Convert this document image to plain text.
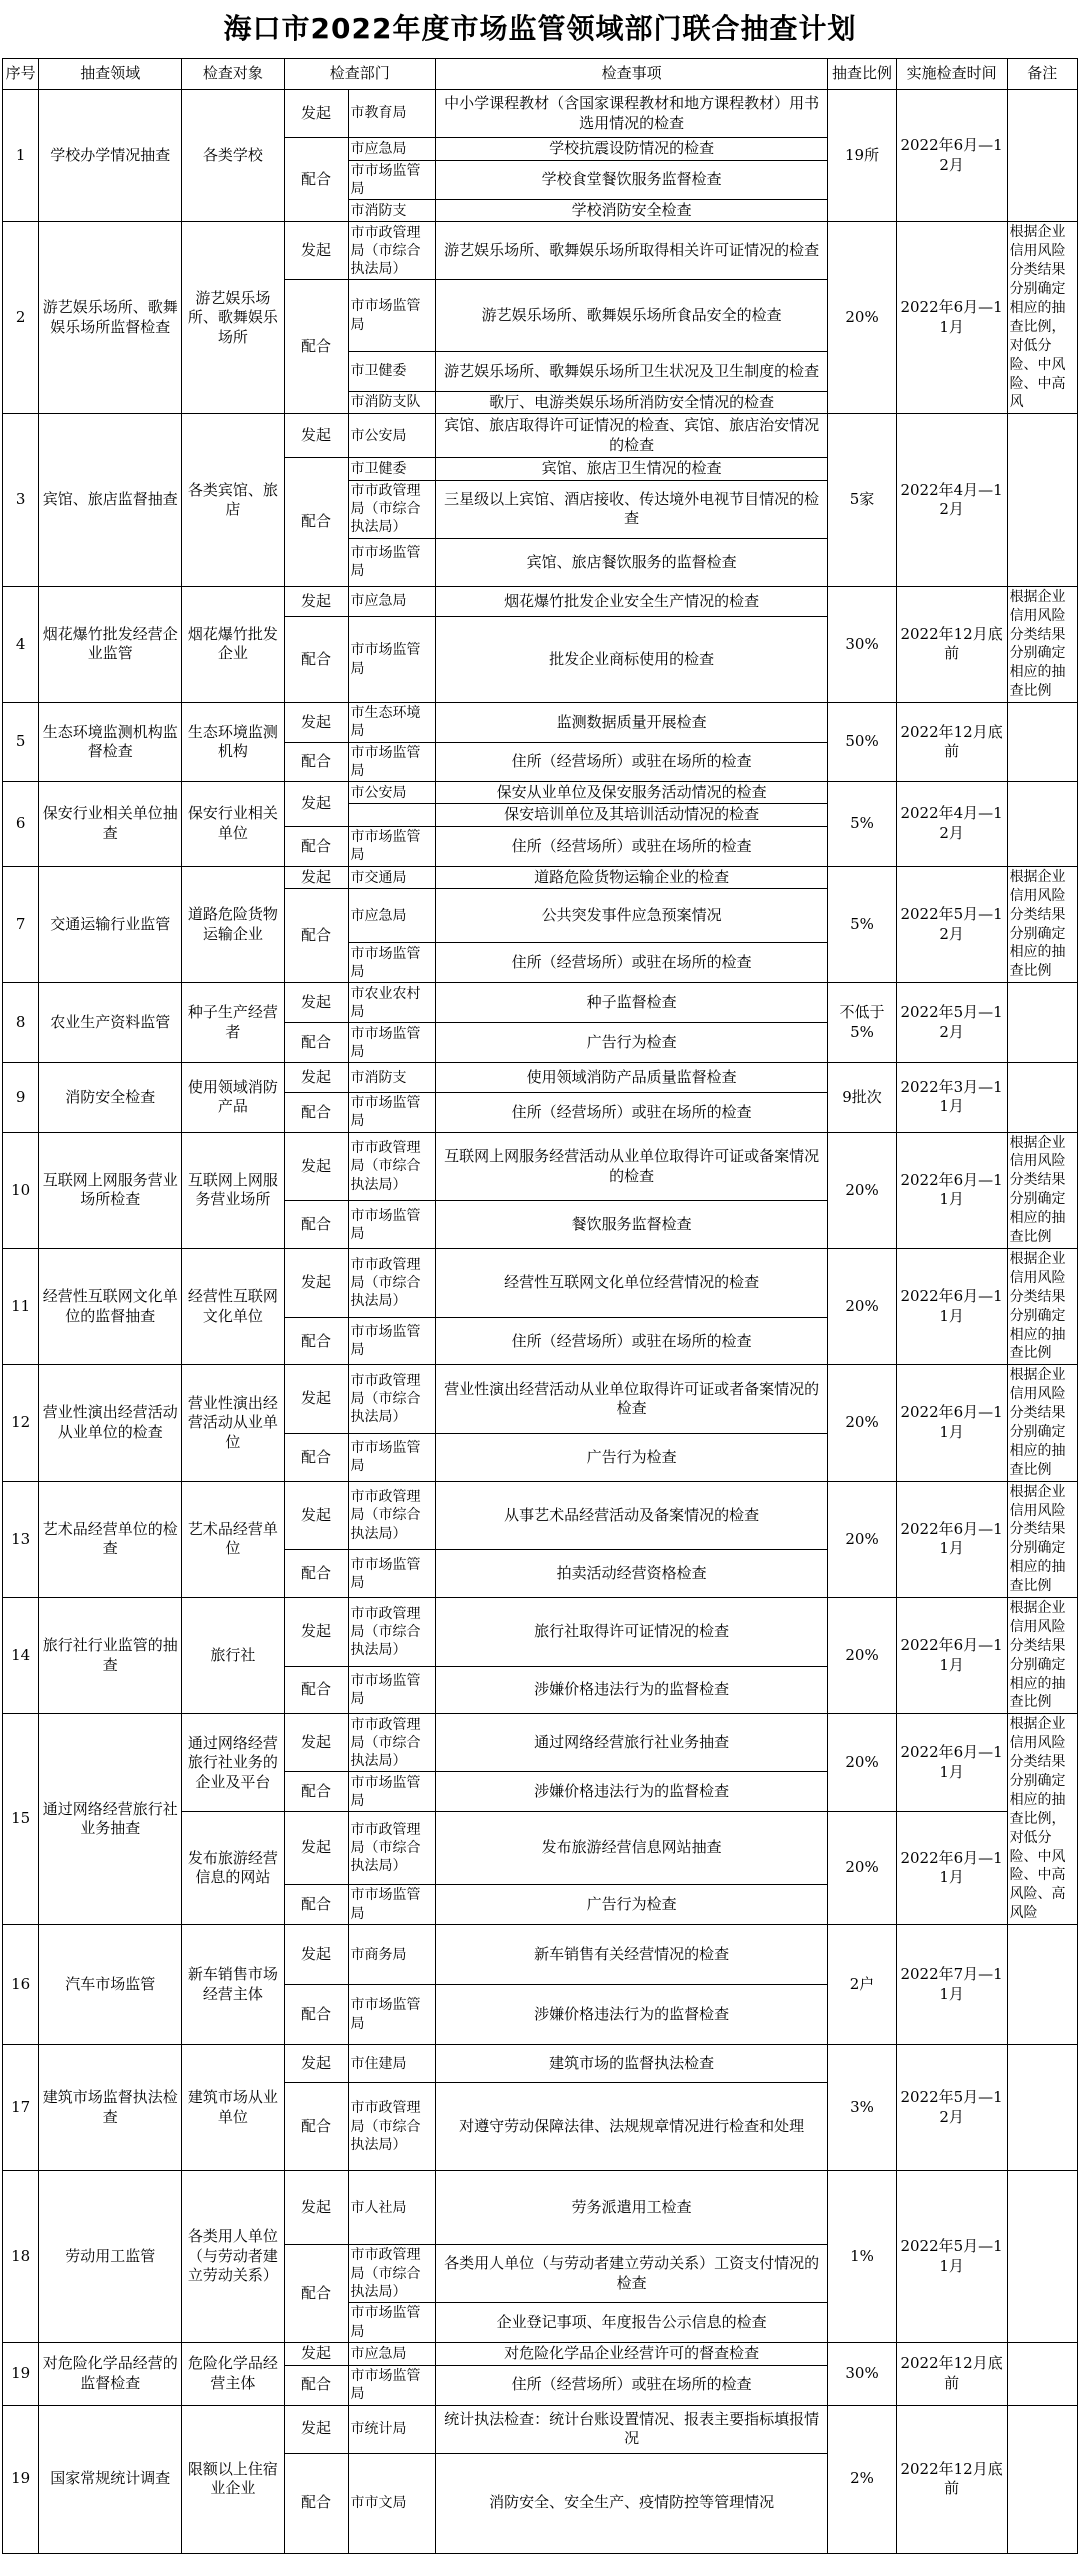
海口市2022年度市场监管领域部门联合抽查计划
序号	抽查领域	检查对象	检查部门		检查事项	抽查比例	实施检查时间	备注
1	学校办学情况抽查	各类学校	发起	市教育局	中小学课程教材（含国家课程教材和地方课程教材）用书选用情况的检查	19所	2022年6月—12月	
			配合	市应急局	学校抗震设防情况的检查			
				市市场监管局	学校食堂餐饮服务监督检查			
				市消防支	学校消防安全检查			
2	游艺娱乐场所、歌舞娱乐场所监督检查	游艺娱乐场所、歌舞娱乐场所	发起	市市政管理局（市综合执法局）	游艺娱乐场所、歌舞娱乐场所取得相关许可证情况的检查	20%	2022年6月—11月	根据企业信用风险分类结果分别确定相应的抽查比例，对低分险、中风险、中高风
			配合	市市场监管局	游艺娱乐场所、歌舞娱乐场所食品安全的检查			
				市卫健委	游艺娱乐场所、歌舞娱乐场所卫生状况及卫生制度的检查			
				市消防支队	歌厅、电游类娱乐场所消防安全情况的检查			
3	宾馆、旅店监督抽查	各类宾馆、旅店	发起	市公安局	宾馆、旅店取得许可证情况的检查、宾馆、旅店治安情况的检查	5家	2022年4月—12月	
			配合	市卫健委	宾馆、旅店卫生情况的检查			
				市市政管理局（市综合执法局）	三星级以上宾馆、酒店接收、传达境外电视节目情况的检查			
				市市场监管局	宾馆、旅店餐饮服务的监督检查			
4	烟花爆竹批发经营企业监管	烟花爆竹批发企业	发起	市应急局	烟花爆竹批发企业安全生产情况的检查	30%	2022年12月底前	根据企业信用风险分类结果分别确定相应的抽查比例
			配合	市市场监管局	批发企业商标使用的检查			
5	生态环境监测机构监督检查	生态环境监测机构	发起	市生态环境局	监测数据质量开展检查	50%	2022年12月底前	
			配合	市市场监管局	住所（经营场所）或驻在场所的检查			
6	保安行业相关单位抽查	保安行业相关单位	发起	市公安局	保安从业单位及保安服务活动情况的检查	5%	2022年4月—12月	
					保安培训单位及其培训活动情况的检查			
			配合	市市场监管局	住所（经营场所）或驻在场所的检查			
7	交通运输行业监管	道路危险货物运输企业	发起	市交通局	道路危险货物运输企业的检查	5%	2022年5月—12月	根据企业信用风险分类结果分别确定相应的抽查比例
			配合	市应急局	公共突发事件应急预案情况			
				市市场监管局	住所（经营场所）或驻在场所的检查			
8	农业生产资料监管	种子生产经营者	发起	市农业农村局	种子监督检查	不低于5%	2022年5月—12月	
			配合	市市场监管局	广告行为检查			
9	消防安全检查	使用领域消防产品	发起	市消防支	使用领域消防产品质量监督检查	9批次	2022年3月—11月	
			配合	市市场监管局	住所（经营场所）或驻在场所的检查			
10	互联网上网服务营业场所检查	互联网上网服务营业场所	发起	市市政管理局（市综合执法局）	互联网上网服务经营活动从业单位取得许可证或备案情况的检查	20%	2022年6月—11月	根据企业信用风险分类结果分别确定相应的抽查比例
			配合	市市场监管局	餐饮服务监督检查			
11	经营性互联网文化单位的监督抽查	经营性互联网文化单位	发起	市市政管理局（市综合执法局）	经营性互联网文化单位经营情况的检查	20%	2022年6月—11月	根据企业信用风险分类结果分别确定相应的抽查比例
			配合	市市场监管局	住所（经营场所）或驻在场所的检查			
12	营业性演出经营活动从业单位的检查	营业性演出经营活动从业单位	发起	市市政管理局（市综合执法局）	营业性演出经营活动从业单位取得许可证或者备案情况的检查	20%	2022年6月—11月	根据企业信用风险分类结果分别确定相应的抽查比例
			配合	市市场监管局	广告行为检查			
13	艺术品经营单位的检查	艺术品经营单位	发起	市市政管理局（市综合执法局）	从事艺术品经营活动及备案情况的检查	20%	2022年6月—11月	根据企业信用风险分类结果分别确定相应的抽查比例
			配合	市市场监管局	拍卖活动经营资格检查			
14	旅行社行业监管的抽查	旅行社	发起	市市政管理局（市综合执法局）	旅行社取得许可证情况的检查	20%	2022年6月—11月	根据企业信用风险分类结果分别确定相应的抽查比例
			配合	市市场监管局	涉嫌价格违法行为的监督检查			
15	通过网络经营旅行社业务抽查	通过网络经营旅行社业务的企业及平台	发起	市市政管理局（市综合执法局）	通过网络经营旅行社业务抽查	20%	2022年6月—11月	根据企业信用风险分类结果分别确定相应的抽查比例，对低分险、中风险、中高风险、高风险
			配合	市市场监管局	涉嫌价格违法行为的监督检查			
		发布旅游经营信息的网站	发起	市市政管理局（市综合执法局）	发布旅游经营信息网站抽查	20%	2022年6月—11月	
			配合	市市场监管局	广告行为检查			
16	汽车市场监管	新车销售市场经营主体	发起	市商务局	新车销售有关经营情况的检查	2户	2022年7月—11月	
			配合	市市场监管局	涉嫌价格违法行为的监督检查			
17	建筑市场监督执法检查	建筑市场从业单位	发起	市住建局	建筑市场的监督执法检查	3%	2022年5月—12月	
			配合	市市政管理局（市综合执法局）	对遵守劳动保障法律、法规规章情况进行检查和处理			
18	劳动用工监管	各类用人单位（与劳动者建立劳动关系）	发起	市人社局	劳务派遣用工检查	1%	2022年5月—11月	
			配合	市市政管理局（市综合执法局）	各类用人单位（与劳动者建立劳动关系）工资支付情况的检查			
				市市场监管局	企业登记事项、年度报告公示信息的检查			
19	对危险化学品经营的监督检查	危险化学品经营主体	发起	市应急局	对危险化学品企业经营许可的督查检查	30%	2022年12月底前	
			配合	市市场监管局	住所（经营场所）或驻在场所的检查			
19	国家常规统计调查	限额以上住宿业企业	发起	市统计局	统计执法检查：统计台账设置情况、报表主要指标填报情况	2%	2022年12月底前	
			配合	市市文局	消防安全、安全生产、疫情防控等管理情况			
